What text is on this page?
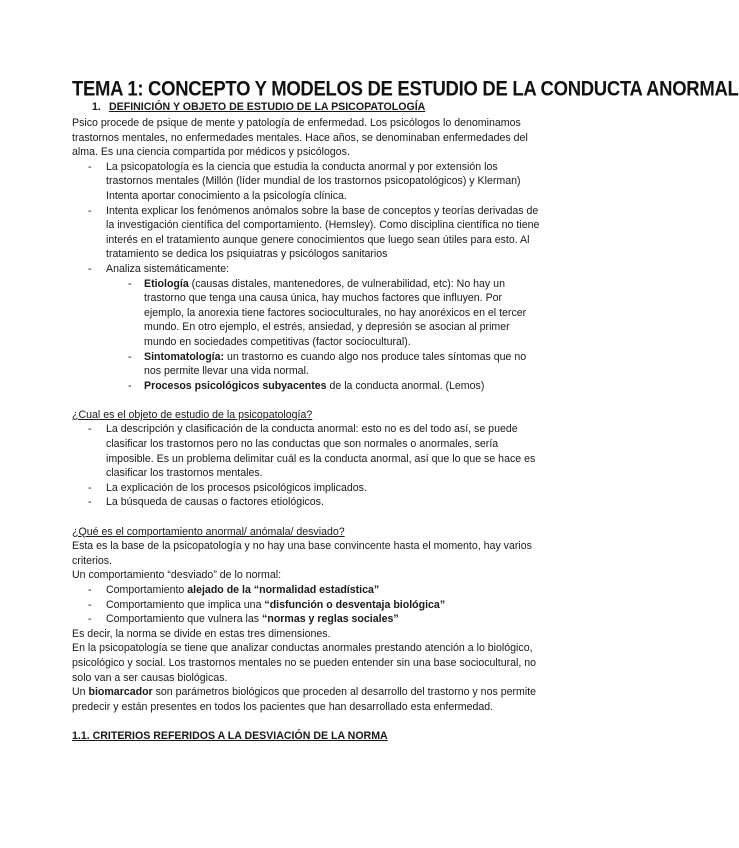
TEMA 1: CONCEPTO Y MODELOS DE ESTUDIO DE LA CONDUCTA ANORMAL
1. DEFINICIÓN Y OBJETO DE ESTUDIO DE LA PSICOPATOLOGÍA

Psico procede de psique de mente y patología de enfermedad. Los psicólogos lo denominamos trastornos mentales, no enfermedades mentales. Hace años, se denominaban enfermedades del alma. Es una ciencia compartida por médicos y psicólogos.

- La psicopatología es la ciencia que estudia la conducta anormal y por extensión los trastornos mentales (Millón (líder mundial de los trastornos psicopatológicos) y Klerman) Intenta aportar conocimiento a la psicología clínica.
- Intenta explicar los fenómenos anómalos sobre la base de conceptos y teorías derivadas de la investigación científica del comportamiento. (Hemsley). Como disciplina científica no tiene interés en el tratamiento aunque genere conocimientos que luego sean útiles para esto. Al tratamiento se dedica los psiquiatras y psicólogos sanitarios
- Analiza sistemáticamente:
- Etiología (causas distales, mantenedores, de vulnerabilidad, etc): No hay un trastorno que tenga una causa única, hay muchos factores que influyen. Por ejemplo, la anorexia tiene factores socioculturales, no hay anoréxicos en el tercer mundo. En otro ejemplo, el estrés, ansiedad, y depresión se asocian al primer mundo en sociedades competitivas (factor sociocultural).
- Sintomatología: un trastorno es cuando algo nos produce tales síntomas que no nos permite llevar una vida normal.
- Procesos psicológicos subyacentes de la conducta anormal. (Lemos)

¿Cual es el objeto de estudio de la psicopatología?

- La descripción y clasificación de la conducta anormal: esto no es del todo así, se puede clasificar los trastornos pero no las conductas que son normales o anormales, sería imposible. Es un problema delimitar cuál es la conducta anormal, así que lo que se hace es clasificar los trastornos mentales.
- La explicación de los procesos psicológicos implicados.
- La búsqueda de causas o factores etiológicos.

¿Qué es el comportamiento anormal/ anómala/ desviado?

Esta es la base de la psicopatología y no hay una base convincente hasta el momento, hay varios criterios.

Un comportamiento “desviado” de lo normal:

- Comportamiento alejado de la “normalidad estadística”
- Comportamiento que implica una “disfunción o desventaja biológica”
- Comportamiento que vulnera las “normas y reglas sociales”

Es decir, la norma se divide en estas tres dimensiones.

En la psicopatología se tiene que analizar conductas anormales prestando atención a lo biológico, psicológico y social. Los trastornos mentales no se pueden entender sin una base sociocultural, no solo van a ser causas biológicas.

Un biomarcador son parámetros biológicos que proceden al desarrollo del trastorno y nos permite predecir y están presentes en todos los pacientes que han desarrollado esta enfermedad.

1.1. CRITERIOS REFERIDOS A LA DESVIACIÓN DE LA NORMA
